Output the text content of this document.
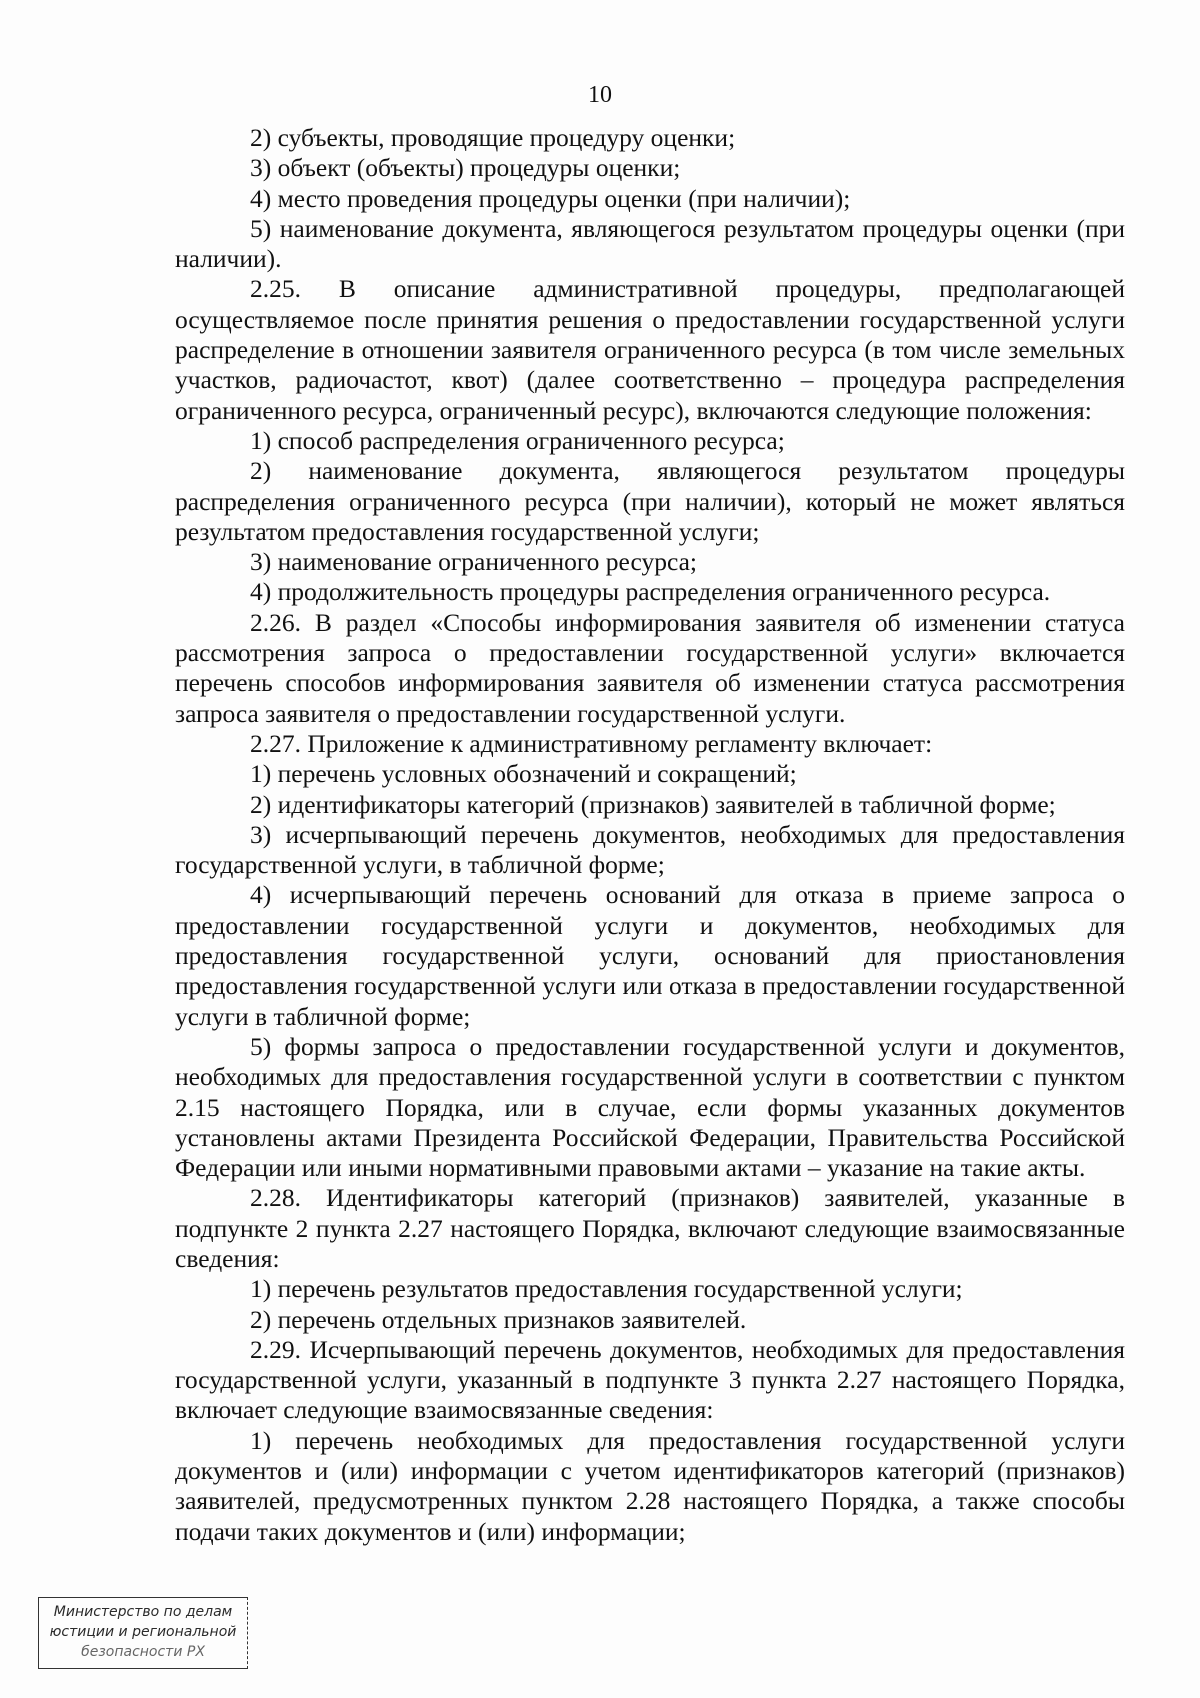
10

2) субъекты, проводящие процедуру оценки;

3) объект (объекты) процедуры оценки;

4) место проведения процедуры оценки (при наличии);

5) наименование документа, являющегося результатом процедуры оценки (при наличии).

2.25. В описание административной процедуры, предполагающей осуществляемое после принятия решения о предоставлении государственной услуги распределение в отношении заявителя ограниченного ресурса (в том числе земельных участков, радиочастот, квот) (далее соответственно – процедура распределения ограниченного ресурса, ограниченный ресурс), включаются следующие положения:

1) способ распределения ограниченного ресурса;

2) наименование документа, являющегося результатом процедуры распределения ограниченного ресурса (при наличии), который не может являться результатом предоставления государственной услуги;

3) наименование ограниченного ресурса;

4) продолжительность процедуры распределения ограниченного ресурса.

2.26. В раздел «Способы информирования заявителя об изменении статуса рассмотрения запроса о предоставлении государственной услуги» включается перечень способов информирования заявителя об изменении статуса рассмотрения запроса заявителя о предоставлении государственной услуги.

2.27. Приложение к административному регламенту включает:

1) перечень условных обозначений и сокращений;

2) идентификаторы категорий (признаков) заявителей в табличной форме;

3) исчерпывающий перечень документов, необходимых для предоставления государственной услуги, в табличной форме;

4) исчерпывающий перечень оснований для отказа в приеме запроса о предоставлении государственной услуги и документов, необходимых для предоставления государственной услуги, оснований для приостановления предоставления государственной услуги или отказа в предоставлении государственной услуги в табличной форме;

5) формы запроса о предоставлении государственной услуги и документов, необходимых для предоставления государственной услуги в соответствии с пунктом 2.15 настоящего Порядка, или в случае, если формы указанных документов установлены актами Президента Российской Федерации, Правительства Российской Федерации или иными нормативными правовыми актами – указание на такие акты.

2.28. Идентификаторы категорий (признаков) заявителей, указанные в подпункте 2 пункта 2.27 настоящего Порядка, включают следующие взаимосвязанные сведения:

1) перечень результатов предоставления государственной услуги;

2) перечень отдельных признаков заявителей.

2.29. Исчерпывающий перечень документов, необходимых для предоставления государственной услуги, указанный в подпункте 3 пункта 2.27 настоящего Порядка, включает следующие взаимосвязанные сведения:

1) перечень необходимых для предоставления государственной услуги документов и (или) информации с учетом идентификаторов категорий (признаков) заявителей, предусмотренных пунктом 2.28 настоящего Порядка, а также способы подачи таких документов и (или) информации;

Министерство по делам
юстиции и региональной
безопасности РХ
